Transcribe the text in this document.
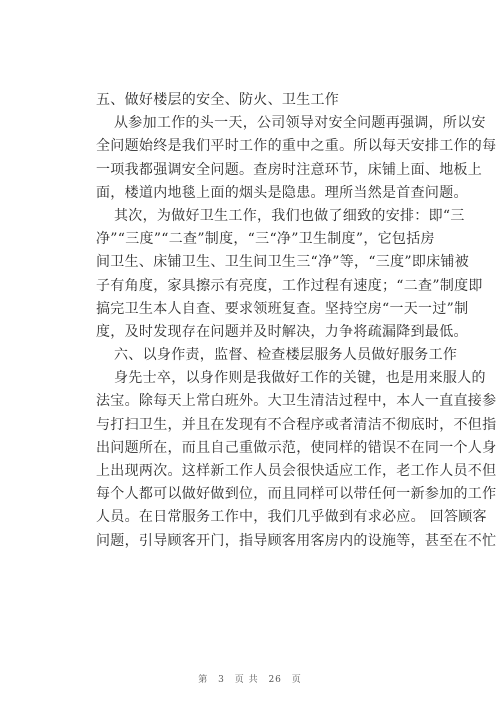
五、做好楼层的安全、防火、卫生工作
从参加工作的头一天，公司领导对安全问题再强调，所以安
全问题始终是我们平时工作的重中之重。所以每天安排工作的每
一项我都强调安全问题。查房时注意环节，床铺上面、地板上
面，楼道内地毯上面的烟头是隐患。理所当然是首查问题。
其次，为做好卫生工作，我们也做了细致的安排：即“三
净”“三度”“二查”制度，“三“净”卫生制度”，它包括房
间卫生、床铺卫生、卫生间卫生三“净”等，“三度”即床铺被
子有角度，家具擦示有亮度，工作过程有速度；“二查”制度即
搞完卫生本人自查、要求领班复查。坚持空房“一天一过”制
度，及时发现存在问题并及时解决，力争将疏漏降到最低。
六、以身作责，监督、检查楼层服务人员做好服务工作
身先士卒，以身作则是我做好工作的关键，也是用来服人的
法宝。除每天上常白班外。大卫生清洁过程中，本人一直直接参
与打扫卫生，并且在发现有不合程序或者清洁不彻底时，不但指
出问题所在，而且自己重做示范，使同样的错误不在同一个人身
上出现两次。这样新工作人员会很快适应工作，老工作人员不但
每个人都可以做好做到位，而且同样可以带任何一新参加的工作
人员。在日常服务工作中，我们几乎做到有求必应。 回答顾客
问题，引导顾客开门，指导顾客用客房内的设施等，甚至在不忙
第 3 页 共 26 页
